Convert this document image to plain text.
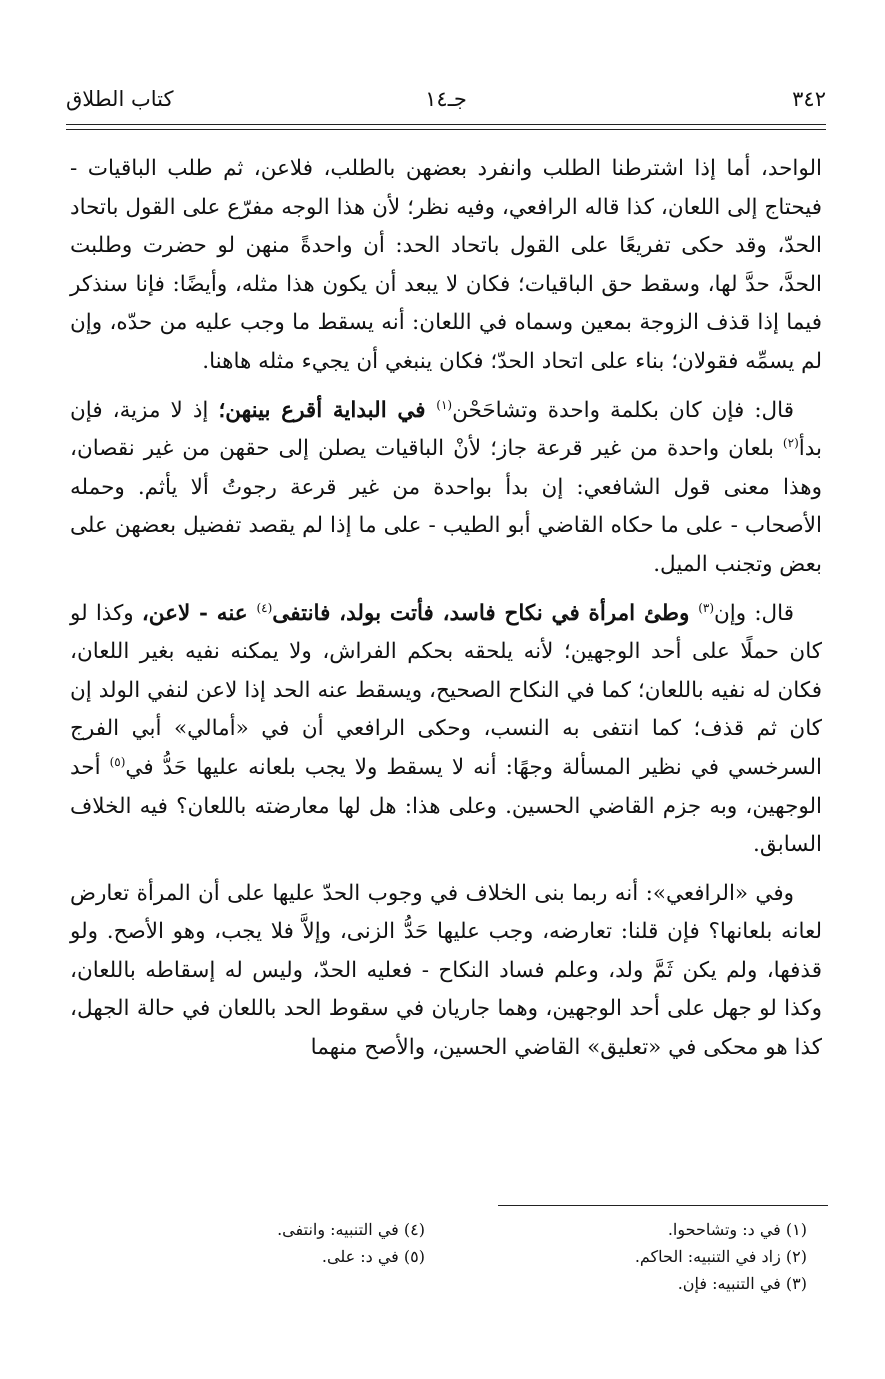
٣٤٢
جـ١٤
كتاب الطلاق

الواحد، أما إذا اشترطنا الطلب وانفرد بعضهن بالطلب، فلاعن، ثم طلب الباقيات - فيحتاج إلى اللعان، كذا قاله الرافعي، وفيه نظر؛ لأن هذا الوجه مفرّع على القول باتحاد الحدّ، وقد حكى تفريعًا على القول باتحاد الحد: أن واحدةً منهن لو حضرت وطلبت الحدَّ، حدَّ لها، وسقط حق الباقيات؛ فكان لا يبعد أن يكون هذا مثله، وأيضًا: فإنا سنذكر فيما إذا قذف الزوجة بمعين وسماه في اللعان: أنه يسقط ما وجب عليه من حدّه، وإن لم يسمِّه فقولان؛ بناء على اتحاد الحدّ؛ فكان ينبغي أن يجيء مثله هاهنا.

قال: فإن كان بكلمة واحدة وتشاحَحْن$^{(١)}$ في البداية أقرع بينهن؛ إذ لا مزية، فإن بدأ$^{(٢)}$ بلعان واحدة من غير قرعة جاز؛ لأنْ الباقيات يصلن إلى حقهن من غير نقصان، وهذا معنى قول الشافعي: إن بدأ بواحدة من غير قرعة رجوتُ ألا يأثم. وحمله الأصحاب - على ما حكاه القاضي أبو الطيب - على ما إذا لم يقصد تفضيل بعضهن على بعض وتجنب الميل.

قال: وإن$^{(٣)}$ وطئ امرأة في نكاح فاسد، فأتت بولد، فانتفى$^{(٤)}$ عنه - لاعن، وكذا لو كان حملًا على أحد الوجهين؛ لأنه يلحقه بحكم الفراش، ولا يمكنه نفيه بغير اللعان، فكان له نفيه باللعان؛ كما في النكاح الصحيح، ويسقط عنه الحد إذا لاعن لنفي الولد إن كان ثم قذف؛ كما انتفى به النسب، وحكى الرافعي أن في «أمالي» أبي الفرج السرخسي في نظير المسألة وجهًا: أنه لا يسقط ولا يجب بلعانه عليها حَدُّ في$^{(٥)}$ أحد الوجهين، وبه جزم القاضي الحسين. وعلى هذا: هل لها معارضته باللعان؟ فيه الخلاف السابق.

وفي «الرافعي»: أنه ربما بنى الخلاف في وجوب الحدّ عليها على أن المرأة تعارض لعانه بلعانها؟ فإن قلنا: تعارضه، وجب عليها حَدُّ الزنى، وإلاَّ فلا يجب، وهو الأصح. ولو قذفها، ولم يكن ثَمَّ ولد، وعلم فساد النكاح - فعليه الحدّ، وليس له إسقاطه باللعان، وكذا لو جهل على أحد الوجهين، وهما جاريان في سقوط الحد باللعان في حالة الجهل، كذا هو محكى في «تعليق» القاضي الحسين، والأصح منهما

(١) في د: وتشاححوا.
(٢) زاد في التنبيه: الحاكم.
(٣) في التنبيه: فإن.
(٤) في التنبيه: وانتفى.
(٥) في د: على.
